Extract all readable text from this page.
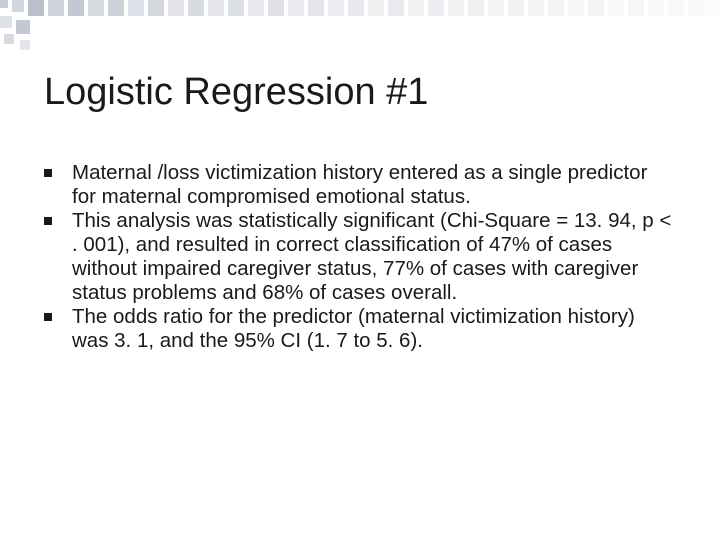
Logistic Regression #1
Maternal /loss victimization history entered as a single predictor for maternal compromised emotional status.
This analysis was statistically significant (Chi-Square = 13. 94, p < . 001), and resulted in correct classification of 47% of cases without impaired caregiver status, 77% of cases with caregiver status problems and 68% of cases overall.
The odds ratio for the predictor (maternal victimization history) was 3. 1, and the 95% CI (1. 7 to 5. 6).
